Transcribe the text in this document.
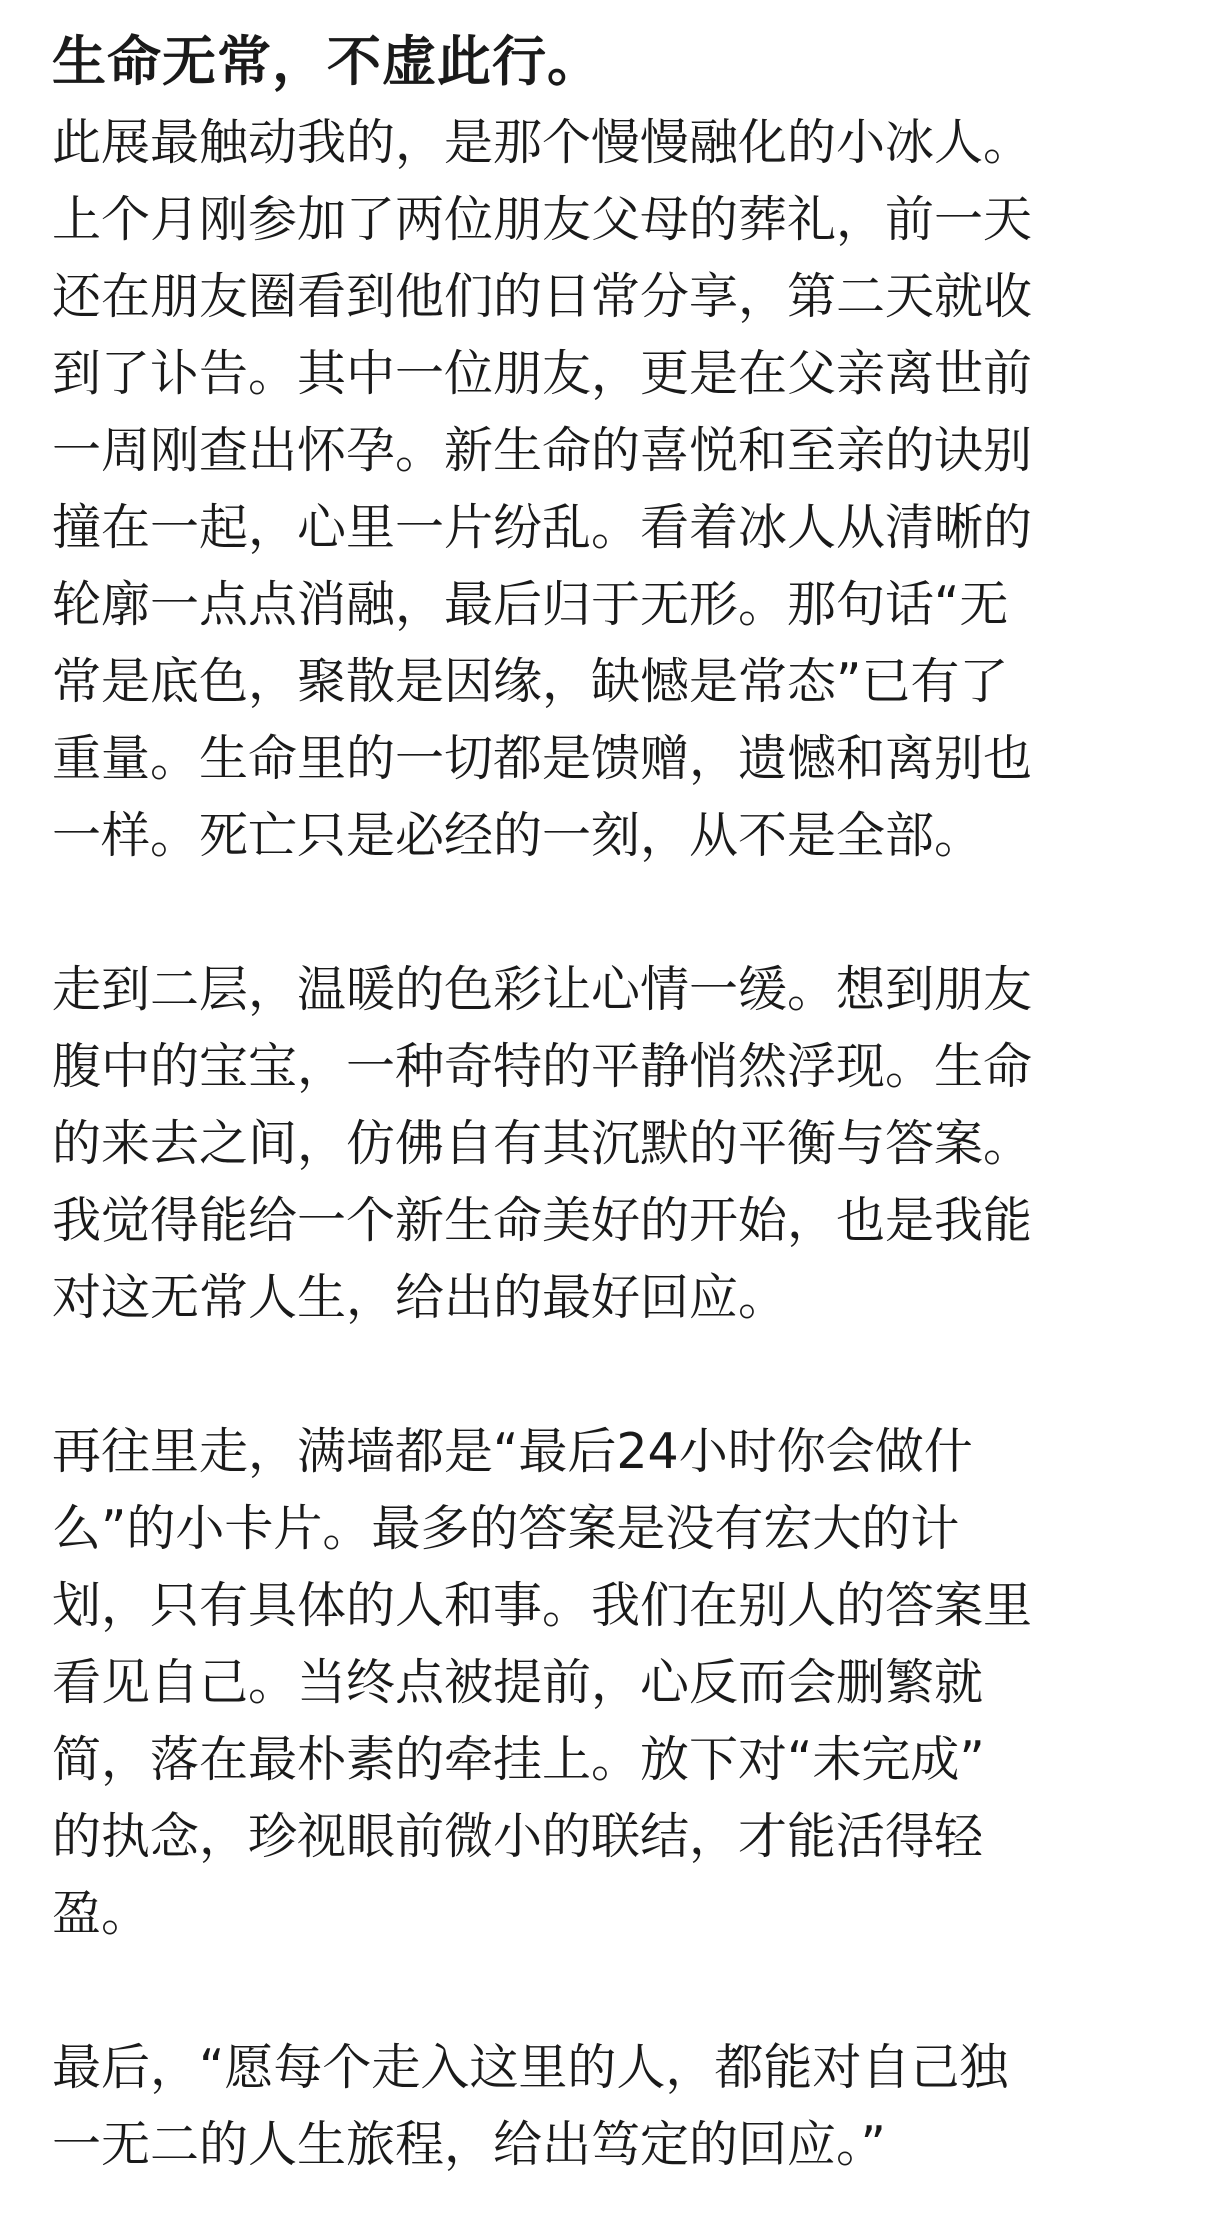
生命无常，不虚此行。

此展最触动我的，是那个慢慢融化的小冰人。
上个月刚参加了两位朋友父母的葬礼，前一天
还在朋友圈看到他们的日常分享，第二天就收
到了讣告。其中一位朋友，更是在父亲离世前
一周刚查出怀孕。新生命的喜悦和至亲的诀别
撞在一起，心里一片纷乱。看着冰人从清晰的
轮廓一点点消融，最后归于无形。那句话“无
常是底色，聚散是因缘，缺憾是常态”已有了
重量。生命里的一切都是馈赠，遗憾和离别也
一样。死亡只是必经的一刻，从不是全部。

走到二层，温暖的色彩让心情一缓。想到朋友
腹中的宝宝，一种奇特的平静悄然浮现。生命
的来去之间，仿佛自有其沉默的平衡与答案。
我觉得能给一个新生命美好的开始，也是我能
对这无常人生，给出的最好回应。

再往里走，满墙都是“最后24小时你会做什
么”的小卡片。最多的答案是没有宏大的计
划，只有具体的人和事。我们在别人的答案里
看见自己。当终点被提前，心反而会删繁就
简，落在最朴素的牵挂上。放下对“未完成”
的执念，珍视眼前微小的联结，才能活得轻
盈。

最后，“愿每个走入这里的人，都能对自己独
一无二的人生旅程，给出笃定的回应。”
